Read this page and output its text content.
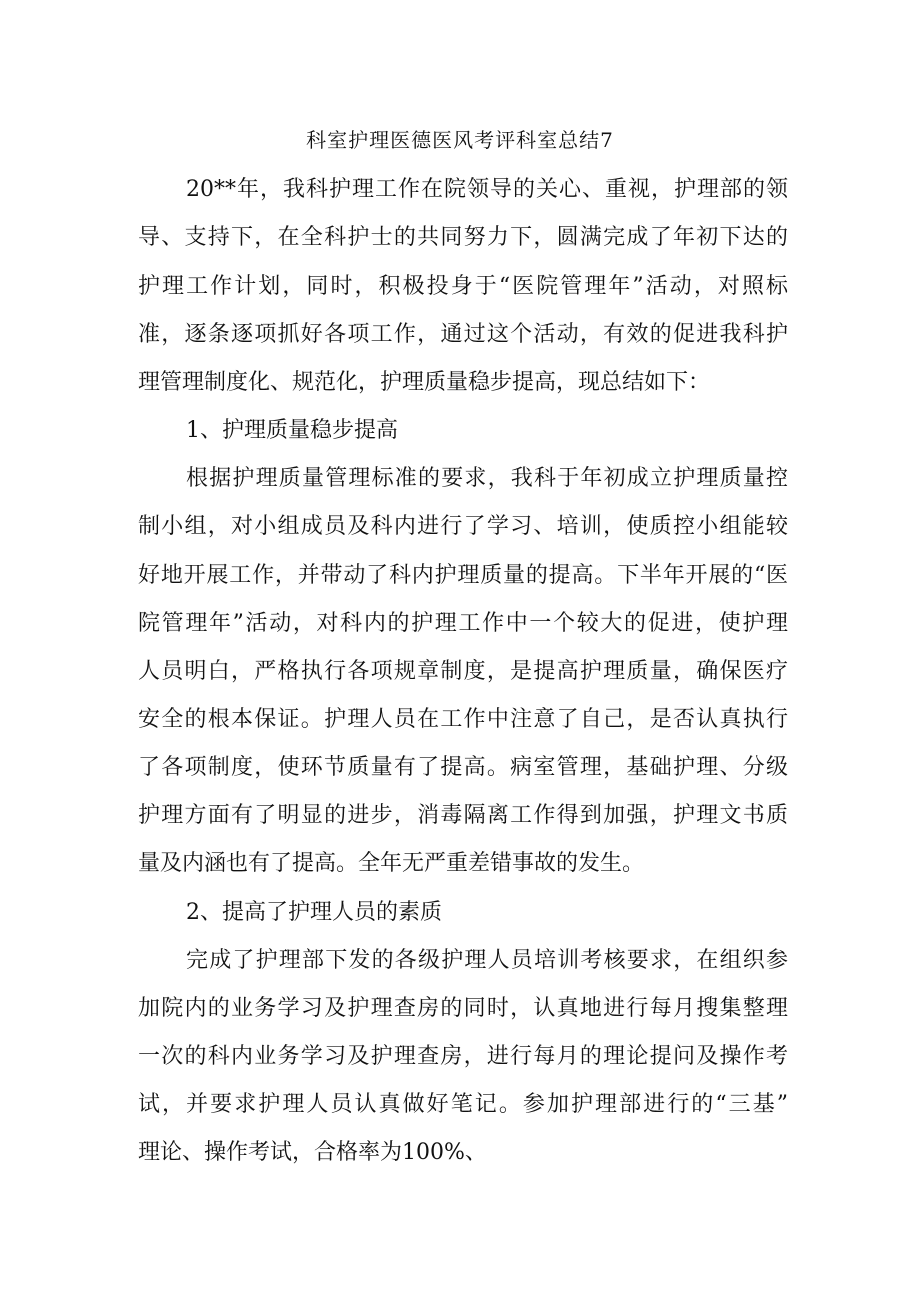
科室护理医德医风考评科室总结7
20**年，我科护理工作在院领导的关心、重视，护理部的领
导、支持下，在全科护士的共同努力下，圆满完成了年初下达的
护理工作计划，同时，积极投身于“医院管理年”活动，对照标
准，逐条逐项抓好各项工作，通过这个活动，有效的促进我科护
理管理制度化、规范化，护理质量稳步提高，现总结如下：
1、护理质量稳步提高
根据护理质量管理标准的要求，我科于年初成立护理质量控
制小组，对小组成员及科内进行了学习、培训，使质控小组能较
好地开展工作，并带动了科内护理质量的提高。下半年开展的“医
院管理年”活动，对科内的护理工作中一个较大的促进，使护理
人员明白，严格执行各项规章制度，是提高护理质量，确保医疗
安全的根本保证。护理人员在工作中注意了自己，是否认真执行
了各项制度，使环节质量有了提高。病室管理，基础护理、分级
护理方面有了明显的进步，消毒隔离工作得到加强，护理文书质
量及内涵也有了提高。全年无严重差错事故的发生。
2、提高了护理人员的素质
完成了护理部下发的各级护理人员培训考核要求，在组织参
加院内的业务学习及护理查房的同时，认真地进行每月搜集整理
一次的科内业务学习及护理查房，进行每月的理论提问及操作考
试，并要求护理人员认真做好笔记。参加护理部进行的“三基”
理论、操作考试，合格率为100%、
